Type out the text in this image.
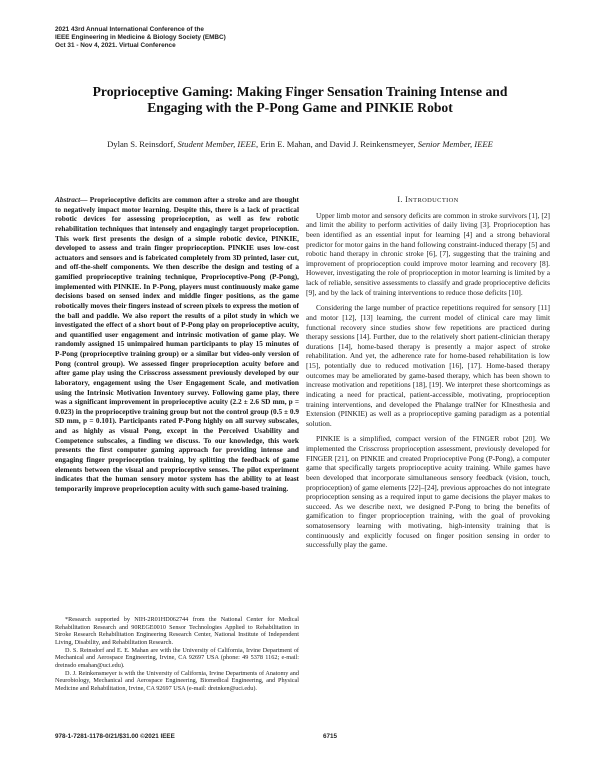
2021 43rd Annual International Conference of the
IEEE Engineering in Medicine & Biology Society (EMBC)
Oct 31 - Nov 4, 2021. Virtual Conference
Proprioceptive Gaming: Making Finger Sensation Training Intense and
Engaging with the P-Pong Game and PINKIE Robot
Dylan S. Reinsdorf, Student Member, IEEE, Erin E. Mahan, and David J. Reinkensmeyer, Senior Member, IEEE
Abstract— Proprioceptive deficits are common after a stroke and are thought to negatively impact motor learning. Despite this, there is a lack of practical robotic devices for assessing proprioception, as well as few robotic rehabilitation techniques that intensely and engagingly target proprioception. This work first presents the design of a simple robotic device, PINKIE, developed to assess and train finger proprioception. PINKIE uses low-cost actuators and sensors and is fabricated completely from 3D printed, laser cut, and off-the-shelf components. We then describe the design and testing of a gamified proprioceptive training technique, Proprioceptive-Pong (P-Pong), implemented with PINKIE. In P-Pong, players must continuously make game decisions based on sensed index and middle finger positions, as the game robotically moves their fingers instead of screen pixels to express the motion of the ball and paddle. We also report the results of a pilot study in which we investigated the effect of a short bout of P-Pong play on proprioceptive acuity, and quantified user engagement and intrinsic motivation of game play. We randomly assigned 15 unimpaired human participants to play 15 minutes of P-Pong (proprioceptive training group) or a similar but video-only version of Pong (control group). We assessed finger proprioception acuity before and after game play using the Crisscross assessment previously developed by our laboratory, engagement using the User Engagement Scale, and motivation using the Intrinsic Motivation Inventory survey. Following game play, there was a significant improvement in proprioceptive acuity (2.2 ± 2.6 SD mm, p = 0.023) in the proprioceptive training group but not the control group (0.5 ± 0.9 SD mm, p = 0.101). Participants rated P-Pong highly on all survey subscales, and as highly as visual Pong, except in the Perceived Usability and Competence subscales, a finding we discuss. To our knowledge, this work presents the first computer gaming approach for providing intense and engaging finger proprioception training, by splitting the feedback of game elements between the visual and proprioceptive senses. The pilot experiment indicates that the human sensory motor system has the ability to at least temporarily improve proprioception acuity with such game-based training.

*Research supported by NIH-2R01HD062744 from the National Center for Medical Rehabilitation Research and 90REGE0010 Sensor Technologies Applied to Rehabilitation in Stroke Research Rehabilitation Engineering Research Center, National Institute of Independent Living, Disability, and Rehabilitation Research.

D. S. Reinsdorf and E. E. Mahan are with the University of California, Irvine Department of Mechanical and Aerospace Engineering, Irvine, CA 92697 USA (phone: 49 5378 1162; e-mail: dreinsdo emahan@uci.edu).

D. J. Reinkensmeyer is with the University of California, Irvine Departments of Anatomy and Neurobiology, Mechanical and Aerospace Engineering, Biomedical Engineering, and Physical Medicine and Rehabilitation, Irvine, CA 92697 USA (e-mail: dreinken@uci.edu).

I. INTRODUCTION

Upper limb motor and sensory deficits are common in stroke survivors [1], [2] and limit the ability to perform activities of daily living [3]. Proprioception has been identified as an essential input for learning [4] and a strong behavioral predictor for motor gains in the hand following constraint-induced therapy [5] and robotic hand therapy in chronic stroke [6], [7], suggesting that the training and improvement of proprioception could improve motor learning and recovery [8]. However, investigating the role of proprioception in motor learning is limited by a lack of reliable, sensitive assessments to classify and grade proprioceptive deficits [9], and by the lack of training interventions to reduce those deficits [10].

Considering the large number of practice repetitions required for sensory [11] and motor [12], [13] learning, the current model of clinical care may limit functional recovery since studies show few repetitions are practiced during therapy sessions [14]. Further, due to the relatively short patient-clinician therapy durations [14], home-based therapy is presently a major aspect of stroke rehabilitation. And yet, the adherence rate for home-based rehabilitation is low [15], potentially due to reduced motivation [16], [17]. Home-based therapy outcomes may be ameliorated by game-based therapy, which has been shown to increase motivation and repetitions [18], [19]. We interpret these shortcomings as indicating a need for practical, patient-accessible, motivating, proprioception training interventions, and developed the Phalange traINer for KInesthesia and Extension (PINKIE) as well as a proprioceptive gaming paradigm as a potential solution.

PINKIE is a simplified, compact version of the FINGER robot [20]. We implemented the Crisscross proprioception assessment, previously developed for FINGER [21], on PINKIE and created Proprioceptive Pong (P-Pong), a computer game that specifically targets proprioceptive acuity training. While games have been developed that incorporate simultaneous sensory feedback (vision, touch, proprioception) of game elements [22]–[24], previous approaches do not integrate proprioception sensing as a required input to game decisions the player makes to succeed. As we describe next, we designed P-Pong to bring the benefits of gamification to finger proprioception training, with the goal of provoking somatosensory learning with motivating, high-intensity training that is continuously and explicitly focused on finger position sensing in order to successfully play the game.

978-1-7281-1178-0/21/$31.00 ©2021 IEEE	6715
